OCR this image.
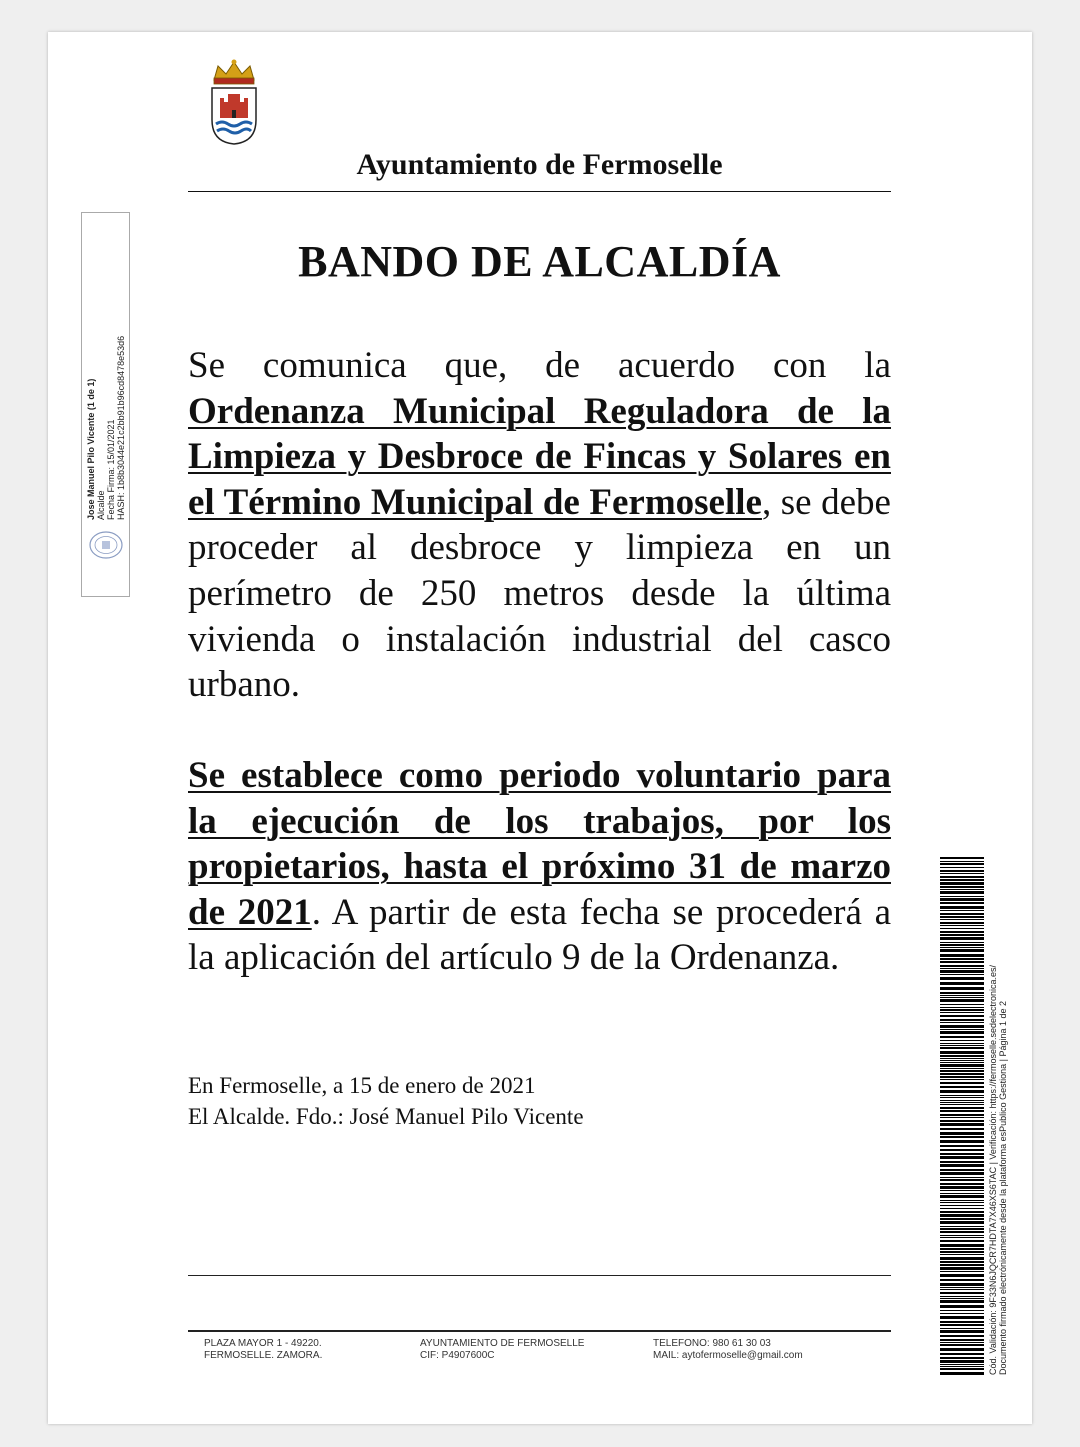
Ayuntamiento de Fermoselle
BANDO DE ALCALDÍA
Se comunica que, de acuerdo con la Ordenanza Municipal Reguladora de la Limpieza y Desbroce de Fincas y Solares en el Término Municipal de Fermoselle, se debe proceder al desbroce y limpieza en un perímetro de 250 metros desde la última vivienda o instalación industrial del casco urbano.
Se establece como periodo voluntario para la ejecución de los trabajos, por los propietarios, hasta el próximo 31 de marzo de 2021. A partir de esta fecha se procederá a la aplicación del artículo 9 de la Ordenanza.
En Fermoselle, a 15 de enero de 2021
El Alcalde. Fdo.: José Manuel Pilo Vicente
PLAZA MAYOR 1 - 49220.
FERMOSELLE. ZAMORA.
AYUNTAMIENTO DE FERMOSELLE
CIF: P4907600C
TELEFONO: 980 61 30 03
MAIL: aytofermoselle@gmail.com
Jose Manuel Pilo Vicente (1 de 1) Alcalde Fecha Firma: 15/01/2021 HASH: 1b8b3044e21c2bb91b96cd8478e53d6
Cód. Validación: 9F33N6JQCR7HDTA7X46XS6TAC | Verificación: https://fermoselle.sedelectronica.es/ Documento firmado electrónicamente desde la plataforma esPublico Gestiona | Página 1 de 2
